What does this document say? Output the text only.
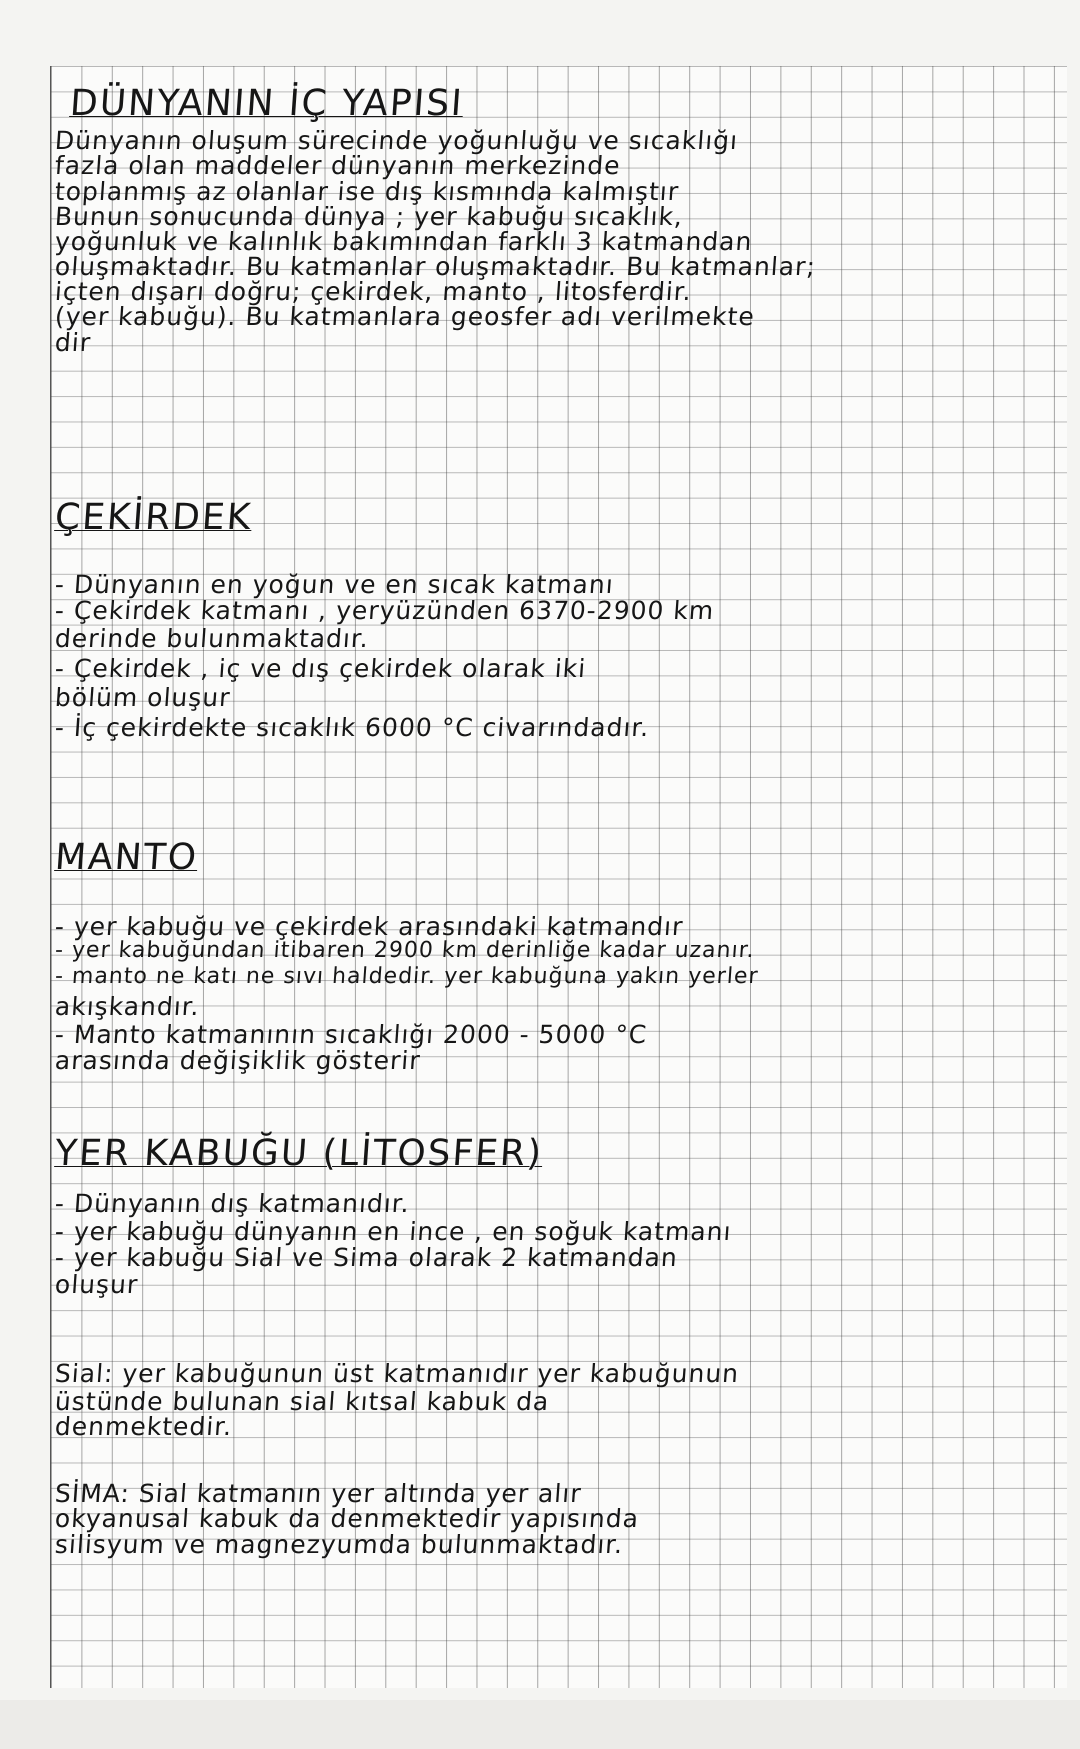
DÜNYANIN İÇ YAPISI
Dünyanın oluşum sürecinde yoğunluğu ve sıcaklığı
fazla olan maddeler dünyanın merkezinde
toplanmış az olanlar ise dış kısmında kalmıştır
Bunun sonucunda dünya ; yer kabuğu sıcaklık,
yoğunluk ve kalınlık bakımından farklı 3 katmandan
oluşmaktadır. Bu katmanlar oluşmaktadır. Bu katmanlar;
içten dışarı doğru; çekirdek, manto , litosferdir.
(yer kabuğu). Bu katmanlara geosfer adı verilmekte
dir
ÇEKİRDEK
- Dünyanın en yoğun ve en sıcak katmanı
- Çekirdek katmanı , yeryüzünden 6370-2900 km
derinde bulunmaktadır.
- Çekirdek , iç ve dış çekirdek olarak iki
bölüm oluşur
- İç çekirdekte sıcaklık 6000 °C civarındadır.
MANTO
- yer kabuğu ve çekirdek arasındaki katmandır
- yer kabuğundan itibaren 2900 km derinliğe kadar uzanır.
- manto ne katı ne sıvı haldedir. yer kabuğuna yakın yerler
akışkandır.
- Manto katmanının sıcaklığı 2000 - 5000 °C
arasında değişiklik gösterir
YER KABUĞU (LİTOSFER)
- Dünyanın dış katmanıdır.
- yer kabuğu dünyanın en ince , en soğuk katmanı
- yer kabuğu Sial ve Sima olarak 2 katmandan
oluşur
Sial: yer kabuğunun üst katmanıdır yer kabuğunun
üstünde bulunan sial kıtsal kabuk da
denmektedir.
SİMA: Sial katmanın yer altında yer alır
okyanusal kabuk da denmektedir yapısında
silisyum ve magnezyumda bulunmaktadır.
